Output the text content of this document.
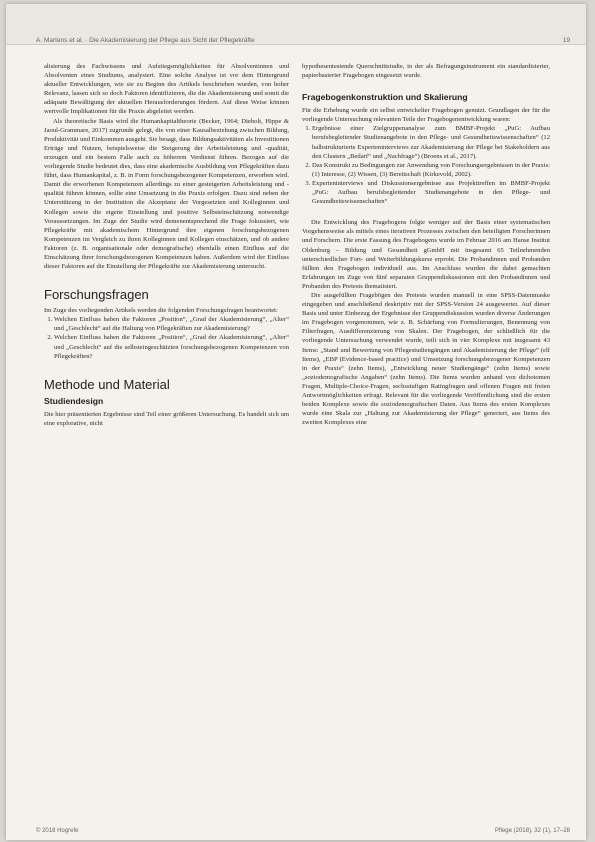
A. Martens et al. · Die Akademisierung der Pflege aus Sicht der Pflegekräfte	19

alisierung des Fachwissens und Aufstiegsmöglichkeiten für Absolventinnen und Absolventen eines Studiums, analysiert. Eine solche Analyse ist vor dem Hintergrund aktueller Entwicklungen, wie sie zu Beginn des Artikels beschrieben wurden, von hoher Relevanz, lassen sich so doch Faktoren identifizieren, die die Akademisierung und somit die adäquate Bewältigung der aktuellen Herausforderungen fördern. Auf diese Weise können wertvolle Implikationen für die Praxis abgeleitet werden.

Als theoretische Basis wird die Humankapitaltheorie (Becker, 1964; Diebolt, Hippe & Jaoul-Grammare, 2017) zugrunde gelegt, die von einer Kausalbeziehung zwischen Bildung, Produktivität und Einkommen ausgeht. Sie besagt, dass Bildungsaktivitäten als Investitionen Erträge und Nutzen, beispielsweise die Steigerung der Arbeitsleistung und -qualität, erzeugen und ein bestem Falle auch zu höherem Verdienst führen. Bezogen auf die vorliegende Studie bedeutet dies, dass eine akademische Ausbildung von Pflegekräften dazu führt, dass Humankapital, z. B. in Form forschungsbezogener Kompetenzen, erworben wird. Damit die erworbenen Kompetenzen allerdings zu einer gesteigerten Arbeitsleistung und -qualität führen können, sollte eine Umsetzung in die Praxis erfolgen. Dazu sind neben der Unterstützung in der Institution die Akzeptanz der Vorgesetzten und Kolleginnen und Kollegen sowie die eigene Einstellung und positive Selbsteinschätzung notwendige Voraussetzungen. Im Zuge der Studie wird demenentsprechend die Frage fokussiert, wie Pflegekräfte mit akademischem Hintergrund ihre eigenen forschungsbezogenen Kompetenzen im Vergleich zu ihren Kolleginnen und Kollegen einschätzen, und ob andere Faktoren (z. B. organisationale oder demografische) ebenfalls einen Einfluss auf die Einschätzung ihrer forschungsbezogenen Kompetenzen haben. Außerdem wird der Einfluss dieser Faktoren auf die Einstellung der Pflegekräfte zur Akademisierung untersucht.

Forschungsfragen

Im Zuge des vorliegenden Artikels werden die folgenden Forschungsfragen beantwortet:

1. Welchen Einfluss haben die Faktoren „Position“, „Grad der Akademisierung“, „Alter“ und „Geschlecht“ auf die Haltung von Pflegekräften zur Akademisierung?
2. Welchen Einfluss haben die Faktoren „Position“, „Grad der Akademisierung“, „Alter“ und „Geschlecht“ auf die selbsteingeschätzten forschungsbezogenen Kompetenzen von Pflegekräften?
Methode und Material
Studiendesign

Die hier präsentierten Ergebnisse sind Teil einer größeren Untersuchung. Es handelt sich um eine explorative, nicht

hypothesentestende Querschnittstudie, in der als Befragungsinstrument ein standardisierter, papierbasierter Fragebogen eingesetzt wurde.

Fragebogenkonstruktion und Skalierung

Für die Erhebung wurde ein selbst entwickelter Fragebogen genutzt. Grundlagen der für die vorliegende Untersuchung relevanten Teile der Fragebogenentwicklung waren:

1. Ergebnisse einer Zielgruppenanalyse zum BMBF-Projekt „PuG: Aufbau berufsbegleitender Studienangebote in den Pflege- und Gesundheitswissenschaften“ (12 halbstrukturierte Experteninterviews zur Akademisierung der Pflege bei Stakeholdern aus den Clustern „Bedarf“ und „Nachfrage“) (Broens et al., 2017).
2. Das Konstrukt zu Bedingungen zur Anwendung von Forschungsergebnissen in der Praxis: (1) Interesse, (2) Wissen, (3) Bereitschaft (Kirkevold, 2002).
3. Experteninterviews und Diskussionsergebnisse aus Projekttreffen im BMBF-Projekt „PuG: Aufbau berufsbegleitender Studienangebote in den Pflege- und Gesundheitswissenschaften“

Die Entwicklung des Fragebogens folgte weniger auf der Basis einer systematischen Vorgehensweise als mittels eines iterativen Prozesses zwischen den beteiligten Forscherinnen und Forschern. Die erste Fassung des Fragebogens wurde im Februar 2016 am Hanse Institut Oldenburg – Bildung und Gesundheit gGmbH mit insgesamt 65 Teilnehmenden unterschiedlicher Fort- und Weiterbildungskurse erprobt. Die Probandinnen und Probanden füllten den Fragebogen individuell aus. Im Anschluss wurden die dabei gemachten Erfahrungen im Zuge von fünf separaten Gruppendiskussionen mit den Probandinnen und Probanden des Pretests thematisiert.

Die ausgefüllten Fragebögen des Pretests wurden manuell in eine SPSS-Datenmaske eingegeben und anschließend deskriptiv mit der SPSS-Version 24 ausgewertet. Auf dieser Basis und unter Einbezug der Ergebnisse der Gruppendiskussion wurden diverse Änderungen im Fragebogen vorgenommen, wie z. B. Schärfung von Formulierungen, Benennung von Filterfragen, Ausdifferenzierung von Skalen. Der Fragebogen, der schließlich für die vorliegende Untersuchung verwendet wurde, teilt sich in vier Komplexe mit insgesamt 43 Items: „Stand und Bewertung von Pflegestudiengängen und Akademisierung der Pflege“ (elf Items), „EBP (Evidence-based practice) und Umsetzung forschungsbezogener Kompetenzen in der Praxis“ (zehn Items), „Entwicklung neuer Studiengänge“ (zehn Items) sowie „soziodemografische Angaben“ (zehn Items). Die Items wurden anhand von dichotomen Fragen, Multiple-Choice-Fragen, sechsstufigen Ratingfragen und offenen Fragen mit freien Antwortmöglichkeiten erfragt. Relevant für die vorliegende Veröffentlichung sind die ersten beiden Komplexe sowie die soziodemografischen Daten. Aus Items des ersten Komplexes wurde eine Skala zur „Haltung zur Akademisierung der Pflege“ generiert, aus Items des zweiten Komplexes eine

© 2018 Hogrefe	Pflege (2018), 32 (1), 17–28
